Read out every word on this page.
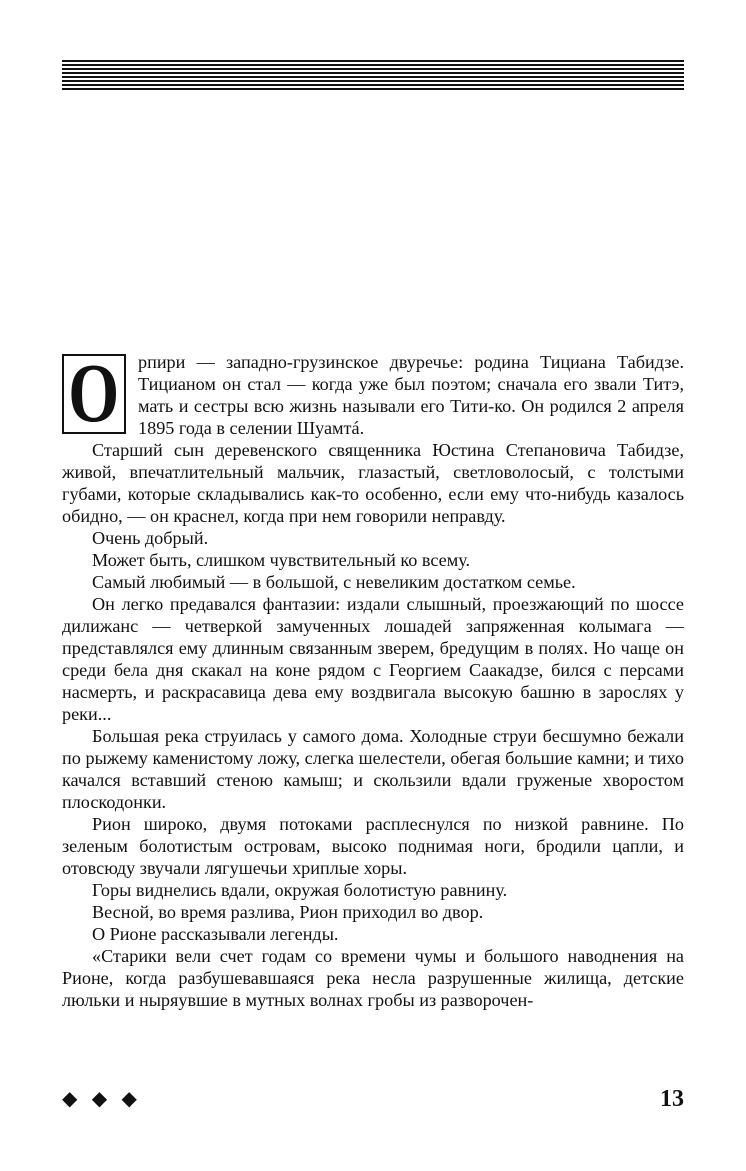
О	рпири — западно-грузинское двуречье: родина Тициана Табидзе. Тицианом он стал — когда уже был поэтом; сначала его звали Титэ, мать и сестры всю жизнь называли его Тити-ко. Он родился 2 апреля 1895 года в селении Шуамтá.

Старший сын деревенского священника Юстина Степановича Табидзе, живой, впечатлительный мальчик, глазастый, светловолосый, с толстыми губами, которые складывались как-то особенно, если ему что-нибудь казалось обидно, — он краснел, когда при нем говорили неправду.

Очень добрый.

Может быть, слишком чувствительный ко всему.

Самый любимый — в большой, с невеликим достатком семье.

Он легко предавался фантазии: издали слышный, проезжающий по шоссе дилижанс — четверкой замученных лошадей запряженная колымага — представлялся ему длинным связанным зверем, бредущим в полях. Но чаще он среди бела дня скакал на коне рядом с Георгием Саакадзе, бился с персами насмерть, и раскрасавица дева ему воздвигала высокую башню в зарослях у реки...

Большая река струилась у самого дома. Холодные струи бесшумно бежали по рыжему каменистому ложу, слегка шелестели, обегая большие камни; и тихо качался вставший стеною камыш; и скользили вдали груженые хворостом плоскодонки.

Рион широко, двумя потоками расплеснулся по низкой равнине. По зеленым болотистым островам, высоко поднимая ноги, бродили цапли, и отовсюду звучали лягушечьи хриплые хоры.

Горы виднелись вдали, окружая болотистую равнину.

Весной, во время разлива, Рион приходил во двор.

О Рионе рассказывали легенды.

«Старики вели счет годам со времени чумы и большого наводнения на Рионе, когда разбушевавшаяся река несла разрушенные жилища, детские люльки и ныряувшие в мутных волнах гробы из разворочен-

◆ ◆ ◆	13
